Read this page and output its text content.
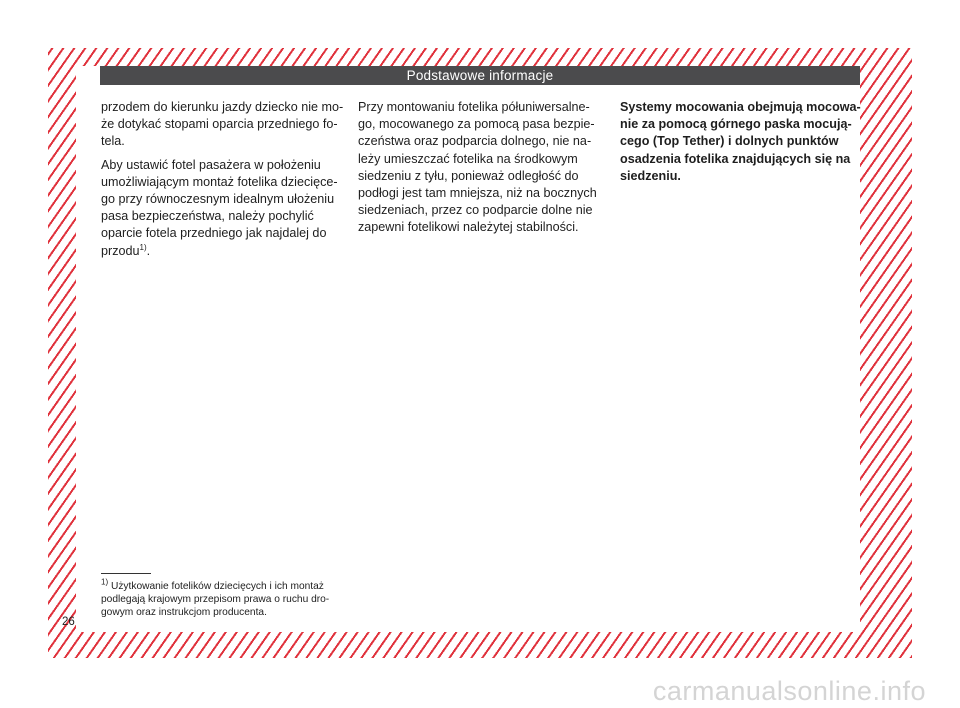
Podstawowe informacje

przodem do kierunku jazdy dziecko nie mo- że dotykać stopami oparcia przedniego fo- tela.

Aby ustawić fotel pasażera w położeniu umożliwiającym montaż fotelika dziecięce- go przy równoczesnym idealnym ułożeniu pasa bezpieczeństwa, należy pochylić oparcie fotela przedniego jak najdalej do przodu$^{1)}$.

Przy montowaniu fotelika półuniwersalne- go, mocowanego za pomocą pasa bezpie- czeństwa oraz podparcia dolnego, nie na- leży umieszczać fotelika na środkowym siedzeniu z tyłu, ponieważ odległość do podłogi jest tam mniejsza, niż na bocznych siedzeniach, przez co podparcie dolne nie zapewni fotelikowi należytej stabilności.

Systemy mocowania obejmują mocowa- nie za pomocą górnego paska mocują- cego (Top Tether) i dolnych punktów osadzenia fotelika znajdujących się na siedzeniu.

$^{1)}$ Użytkowanie fotelików dziecięcych i ich montaż podlegają krajowym przepisom prawa o ruchu dro- gowym oraz instrukcjom producenta.
26
carmanualsonline.info
